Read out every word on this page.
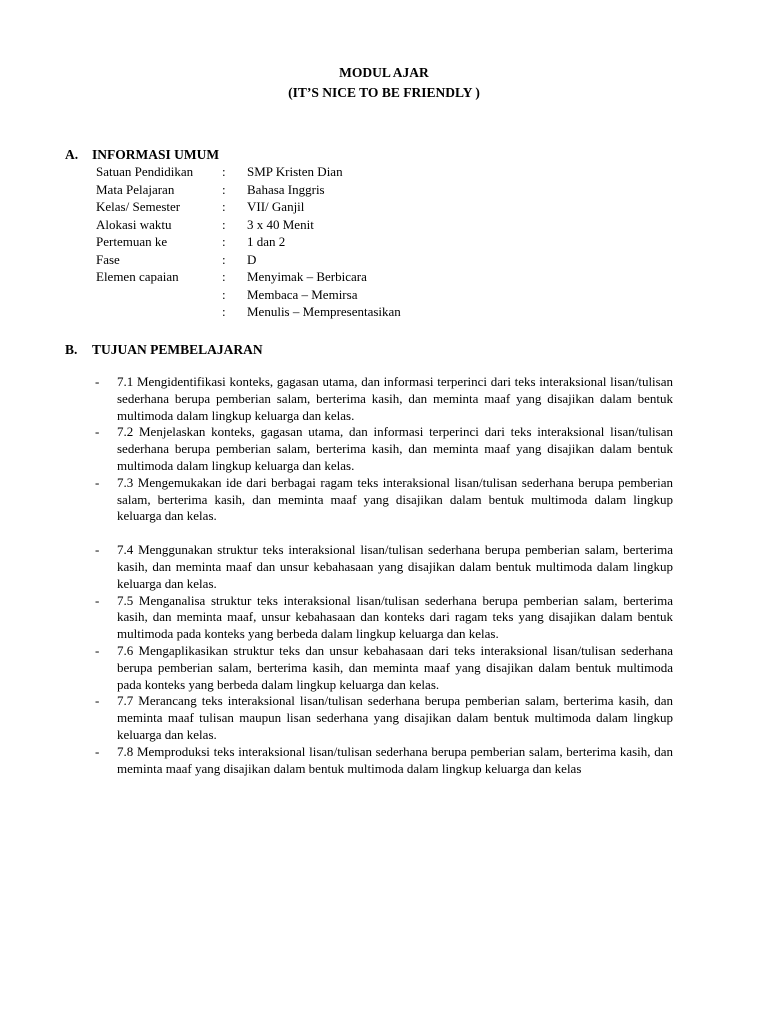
MODUL AJAR
(IT’S NICE TO BE FRIENDLY )
A. INFORMASI UMUM
Satuan Pendidikan	:	SMP Kristen Dian
Mata Pelajaran	:	Bahasa Inggris
Kelas/ Semester	:	VII/ Ganjil
Alokasi waktu	:	3 x 40 Menit
Pertemuan ke	:	1 dan 2
Fase	:	D
Elemen capaian	:	Menyimak – Berbicara
	:	Membaca – Memirsa
	:	Menulis – Mempresentasikan
B. TUJUAN PEMBELAJARAN
-	7.1 Mengidentifikasi konteks, gagasan utama, dan informasi terperinci dari teks interaksional lisan/tulisan sederhana berupa pemberian salam, berterima kasih, dan meminta maaf yang disajikan dalam bentuk multimoda dalam lingkup keluarga dan kelas.
-	7.2 Menjelaskan konteks, gagasan utama, dan informasi terperinci dari teks interaksional lisan/tulisan sederhana berupa pemberian salam, berterima kasih, dan meminta maaf yang disajikan dalam bentuk multimoda dalam lingkup keluarga dan kelas.
-	7.3 Mengemukakan ide dari berbagai ragam teks interaksional lisan/tulisan sederhana berupa pemberian salam, berterima kasih, dan meminta maaf yang disajikan dalam bentuk multimoda dalam lingkup keluarga dan kelas.
-	7.4 Menggunakan struktur teks interaksional lisan/tulisan sederhana berupa pemberian salam, berterima kasih, dan meminta maaf dan unsur kebahasaan yang disajikan dalam bentuk multimoda dalam lingkup keluarga dan kelas.
-	7.5 Menganalisa struktur teks interaksional lisan/tulisan sederhana berupa pemberian salam, berterima kasih, dan meminta maaf, unsur kebahasaan dan konteks dari ragam teks yang disajikan dalam bentuk multimoda pada konteks yang berbeda dalam lingkup keluarga dan kelas.
-	7.6 Mengaplikasikan struktur teks dan unsur kebahasaan dari teks interaksional lisan/tulisan sederhana berupa pemberian salam, berterima kasih, dan meminta maaf yang disajikan dalam bentuk multimoda pada konteks yang berbeda dalam lingkup keluarga dan kelas.
-	7.7 Merancang teks interaksional lisan/tulisan sederhana berupa pemberian salam, berterima kasih, dan meminta maaf tulisan maupun lisan sederhana yang disajikan dalam bentuk multimoda dalam lingkup keluarga dan kelas.
-	7.8 Memproduksi teks interaksional lisan/tulisan sederhana berupa pemberian salam, berterima kasih, dan meminta maaf yang disajikan dalam bentuk multimoda dalam lingkup keluarga dan kelas
